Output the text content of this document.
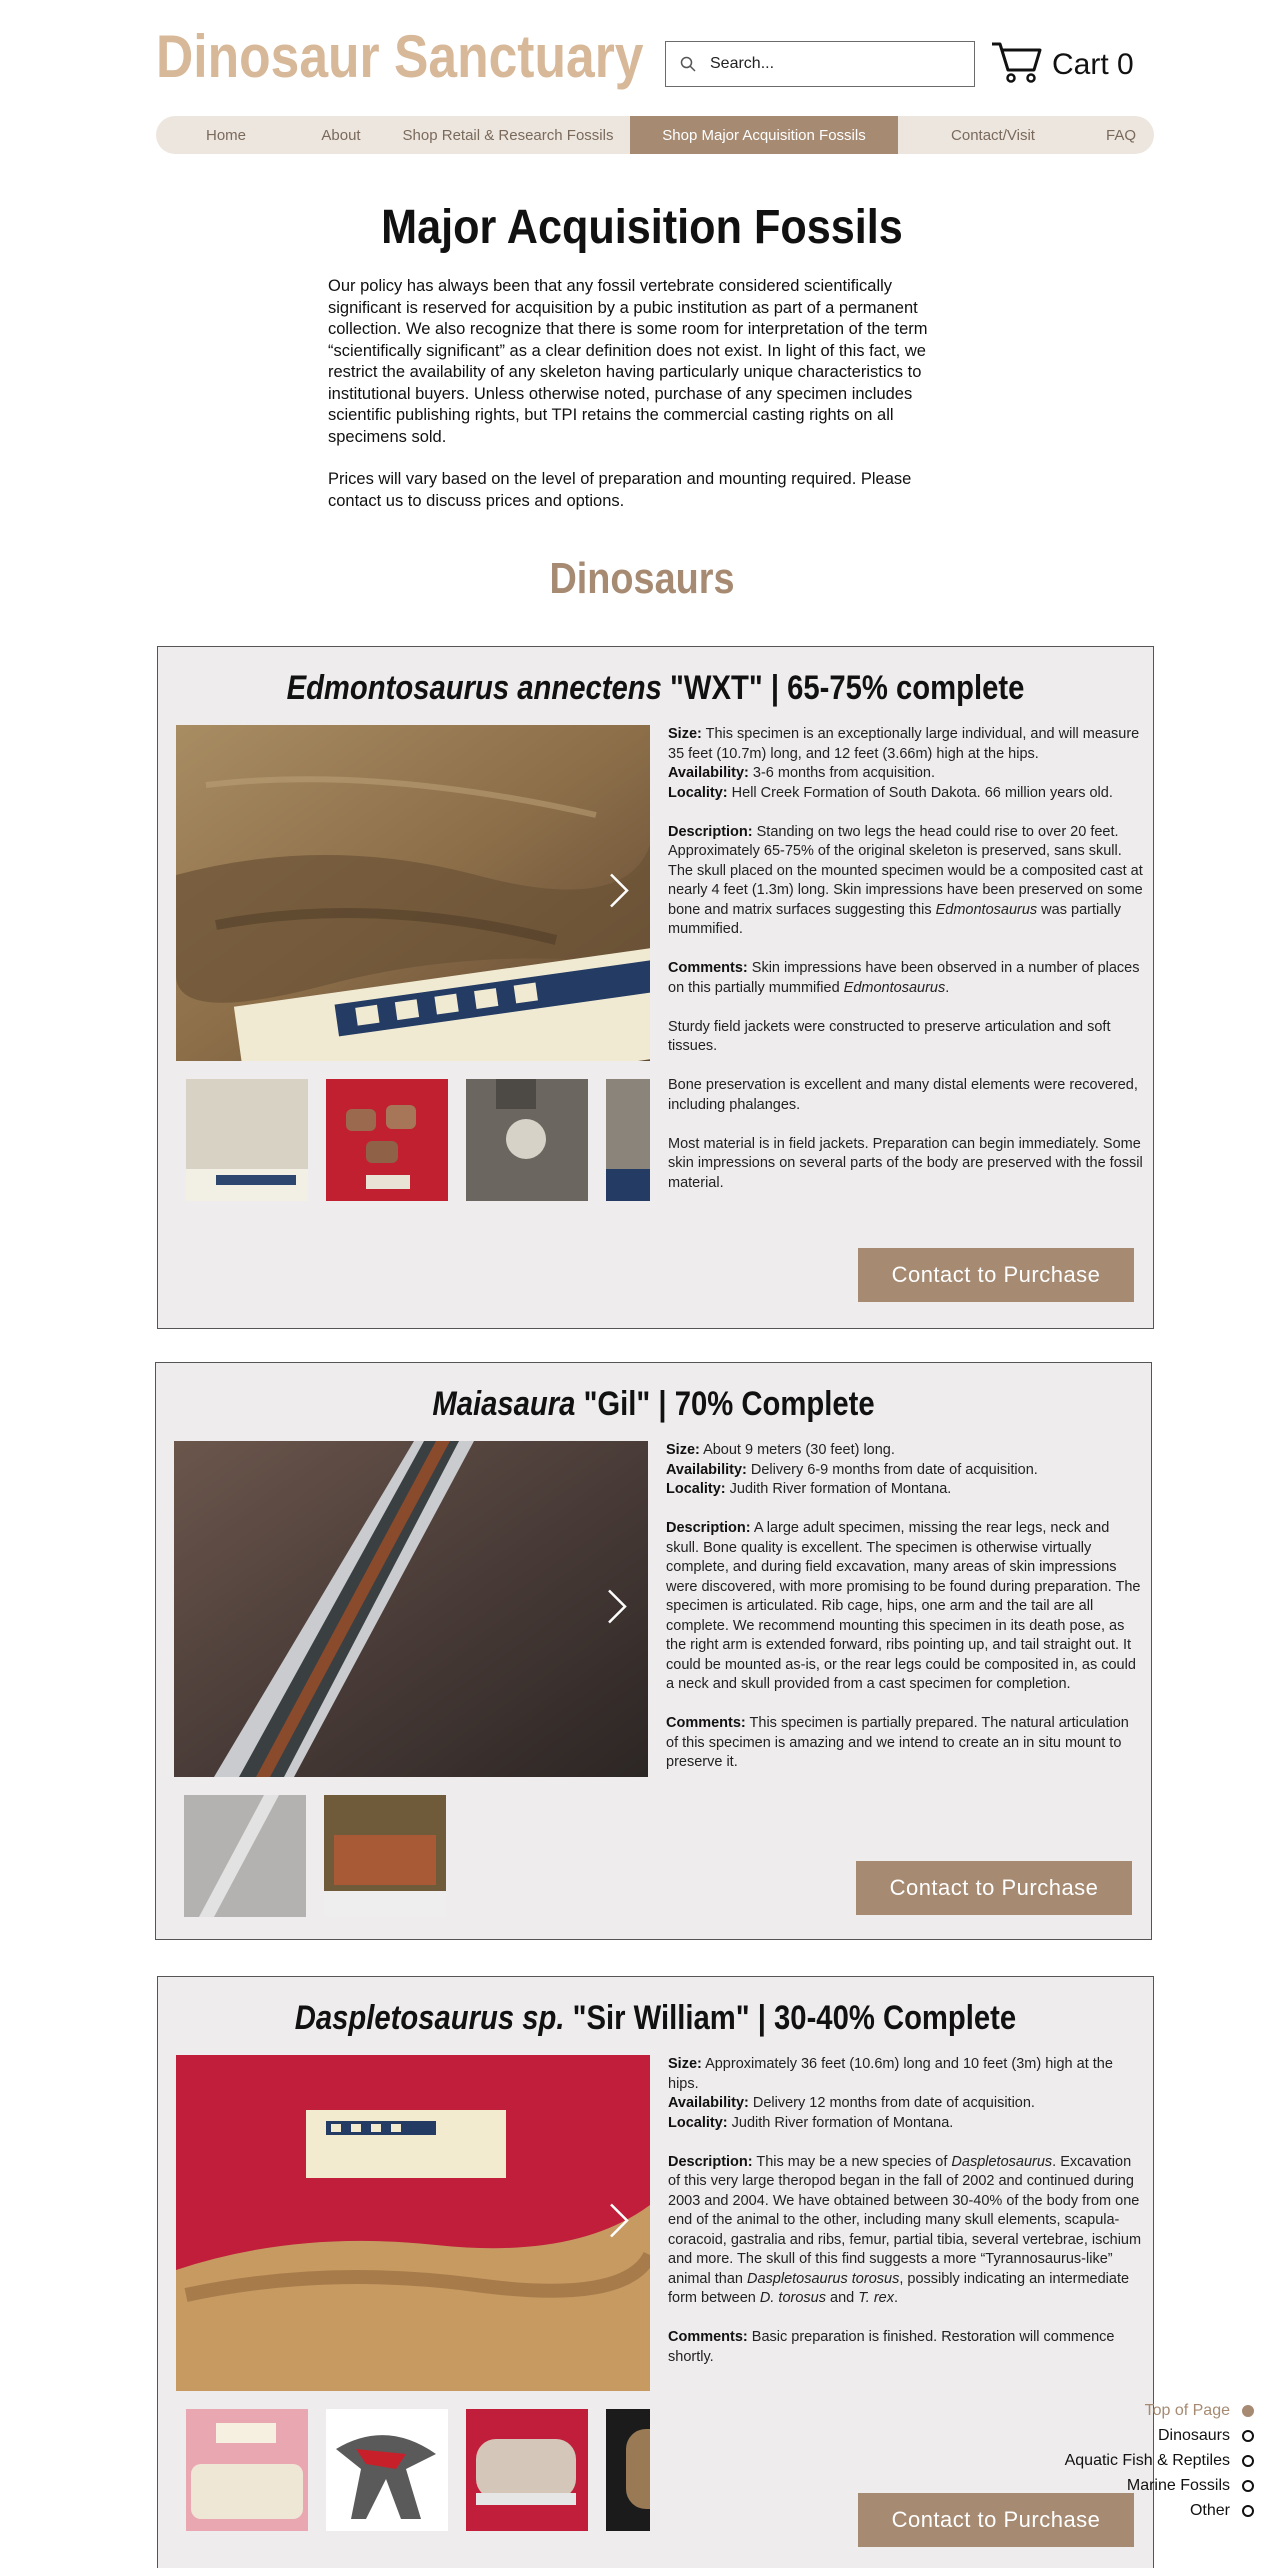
Dinosaur Sanctuary
Search...	Cart 0
Home	About	Shop Retail & Research Fossils	Shop Major Acquisition Fossils	Contact/Visit	FAQ
Major Acquisition Fossils

Our policy has always been that any fossil vertebrate considered scientifically significant is reserved for acquisition by a pubic institution as part of a permanent collection. We also recognize that there is some room for interpretation of the term “scientifically significant” as a clear definition does not exist. In light of this fact, we restrict the availability of any skeleton having particularly unique characteristics to institutional buyers. Unless otherwise noted, purchase of any specimen includes scientific publishing rights, but TPI retains the commercial casting rights on all specimens sold.

Prices will vary based on the level of preparation and mounting required. Please contact us to discuss prices and options.

Dinosaurs
Edmontosaurus annectens "WXT" | 65-75% complete
Size: This specimen is an exceptionally large individual, and will measure 35 feet (10.7m) long, and 12 feet (3.66m) high at the hips.
Availability: 3-6 months from acquisition.
Locality: Hell Creek Formation of South Dakota. 66 million years old.
Description: Standing on two legs the head could rise to over 20 feet. Approximately 65-75% of the original skeleton is preserved, sans skull. The skull placed on the mounted specimen would be a composited cast at nearly 4 feet (1.3m) long. Skin impressions have been preserved on some bone and matrix surfaces suggesting this Edmontosaurus was partially mummified.
Comments: Skin impressions have been observed in a number of places on this partially mummified Edmontosaurus.
Sturdy field jackets were constructed to preserve articulation and soft tissues.
Bone preservation is excellent and many distal elements were recovered, including phalanges.
Most material is in field jackets. Preparation can begin immediately. Some skin impressions on several parts of the body are preserved with the fossil material.
Contact to Purchase
Maiasaura "Gil" | 70% Complete
Size: About 9 meters (30 feet) long.
Availability: Delivery 6-9 months from date of acquisition.
Locality: Judith River formation of Montana.
Description: A large adult specimen, missing the rear legs, neck and skull. Bone quality is excellent. The specimen is otherwise virtually complete, and during field excavation, many areas of skin impressions were discovered, with more promising to be found during preparation. The specimen is articulated. Rib cage, hips, one arm and the tail are all complete. We recommend mounting this specimen in its death pose, as the right arm is extended forward, ribs pointing up, and tail straight out. It could be mounted as-is, or the rear legs could be composited in, as could a neck and skull provided from a cast specimen for completion.
Comments: This specimen is partially prepared. The natural articulation of this specimen is amazing and we intend to create an in situ mount to preserve it.
Contact to Purchase
Daspletosaurus sp. "Sir William" | 30-40% Complete
Size: Approximately 36 feet (10.6m) long and 10 feet (3m) high at the hips.
Availability: Delivery 12 months from date of acquisition.
Locality: Judith River formation of Montana.
Description: This may be a new species of Daspletosaurus. Excavation of this very large theropod began in the fall of 2002 and continued during 2003 and 2004. We have obtained between 30-40% of the body from one end of the animal to the other, including many skull elements, scapula-coracoid, gastralia and ribs, femur, partial tibia, several vertebrae, ischium and more. The skull of this find suggests a more “Tyrannosaurus-like” animal than Daspletosaurus torosus, possibly indicating an intermediate form between D. torosus and T. rex.
Comments: Basic preparation is finished. Restoration will commence shortly.
Contact to Purchase
Top of Page
Dinosaurs
Aquatic Fish & Reptiles
Marine Fossils
Other
